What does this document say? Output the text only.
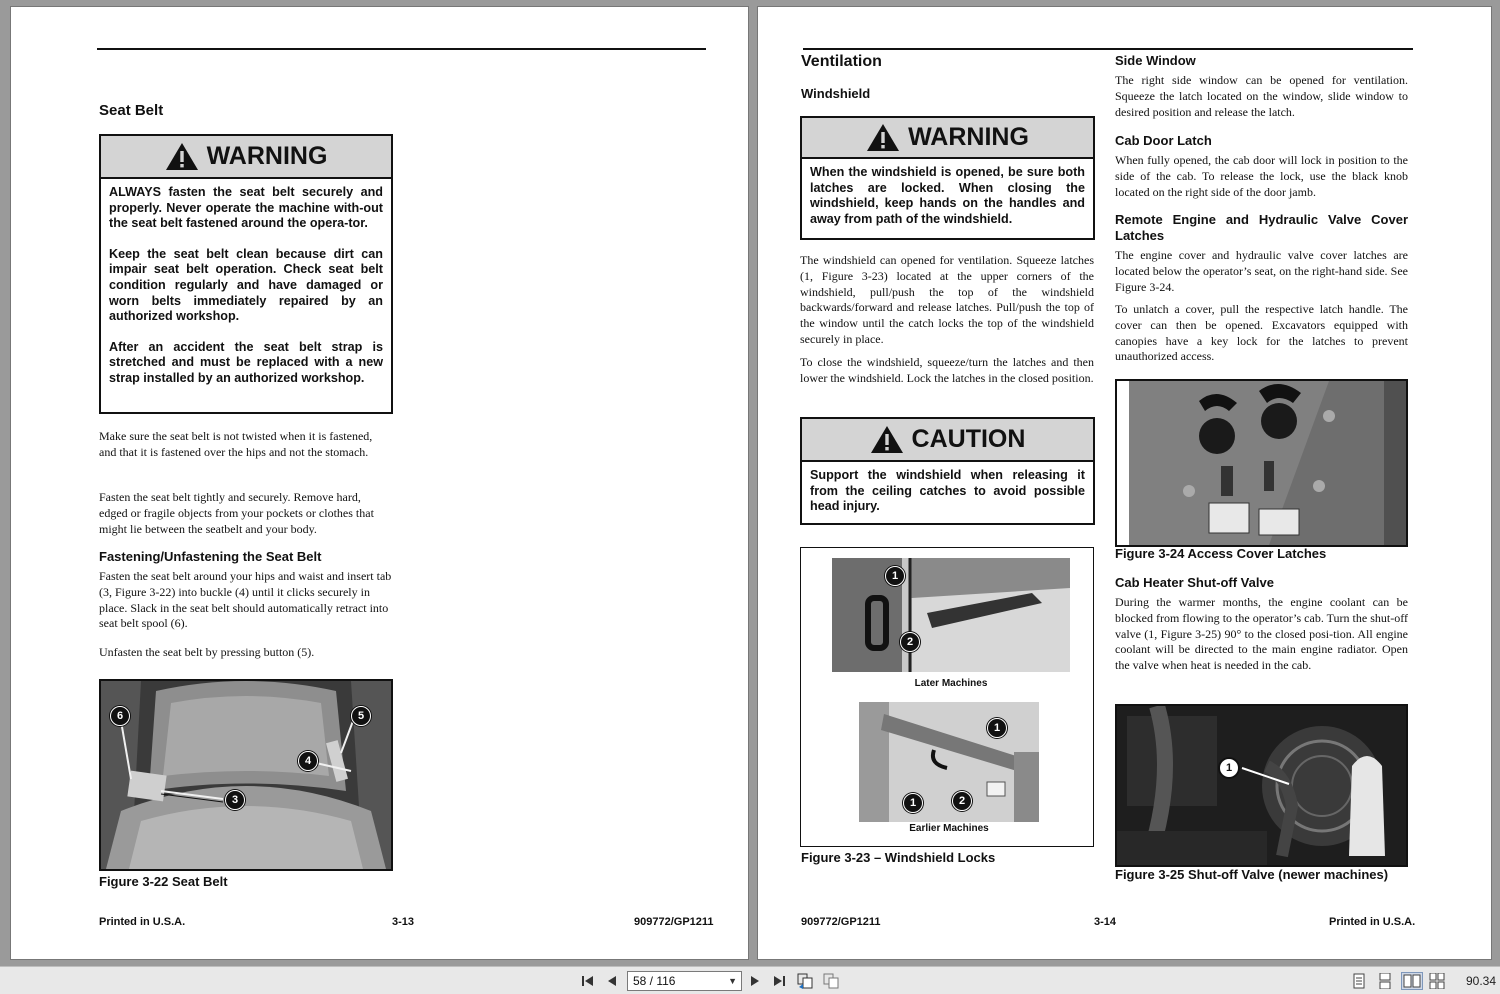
Seat Belt
WARNING

ALWAYS fasten the seat belt securely and properly. Never operate the machine with-out the seat belt fastened around the opera-tor.

Keep the seat belt clean because dirt can impair seat belt operation. Check seat belt condition regularly and have damaged or worn belts immediately repaired by an authorized workshop.

After an accident the seat belt strap is stretched and must be replaced with a new strap installed by an authorized workshop.

Make sure the seat belt is not twisted when it is fastened, and that it is fastened over the hips and not the stomach.
Fasten the seat belt tightly and securely. Remove hard, edged or fragile objects from your pockets or clothes that might lie between the seatbelt and your body.
Fastening/Unfastening the Seat Belt
Fasten the seat belt around your hips and waist and insert tab (3, Figure 3-22) into buckle (4) until it clicks securely in place. Slack in the seat belt should automatically retract into seat belt spool (6).
Unfasten the seat belt by pressing button (5).
6	5
4
3
Figure 3-22 Seat Belt
Printed in U.S.A.	3-13	909772/GP1211
Ventilation
Windshield
WARNING
When the windshield is opened, be sure both latches are locked. When closing the windshield, keep hands on the handles and away from path of the windshield.
The windshield can opened for ventilation. Squeeze latches (1, Figure 3-23) located at the upper corners of the windshield, pull/push the top of the windshield backwards/forward and release latches. Pull/push the top of the window until the catch locks the top of the windshield securely in place.
To close the windshield, squeeze/turn the latches and then lower the windshield. Lock the latches in the closed position.
CAUTION
Support the windshield when releasing it from the ceiling catches to avoid possible head injury.
1
2
Later Machines
1
1	2
Earlier Machines
Figure 3-23 – Windshield Locks
Side Window
The right side window can be opened for ventilation. Squeeze the latch located on the window, slide window to desired position and release the latch.
Cab Door Latch
When fully opened, the cab door will lock in position to the side of the cab. To release the lock, use the black knob located on the right side of the door jamb.
Remote Engine and Hydraulic Valve Cover Latches
The engine cover and hydraulic valve cover latches are located below the operator’s seat, on the right-hand side. See Figure 3-24.
To unlatch a cover, pull the respective latch handle. The cover can then be opened. Excavators equipped with canopies have a key lock for the latches to prevent unauthorized access.
Figure 3-24 Access Cover Latches
Cab Heater Shut-off Valve
During the warmer months, the engine coolant can be blocked from flowing to the operator’s cab. Turn the shut-off valve (1, Figure 3-25) 90° to the closed posi-tion. All engine coolant will be directed to the main engine radiator. Open the valve when heat is needed in the cab.
1
Figure 3-25 Shut-off Valve (newer machines)
909772/GP1211	3-14	Printed in U.S.A.
58 / 116	▼	90.34
